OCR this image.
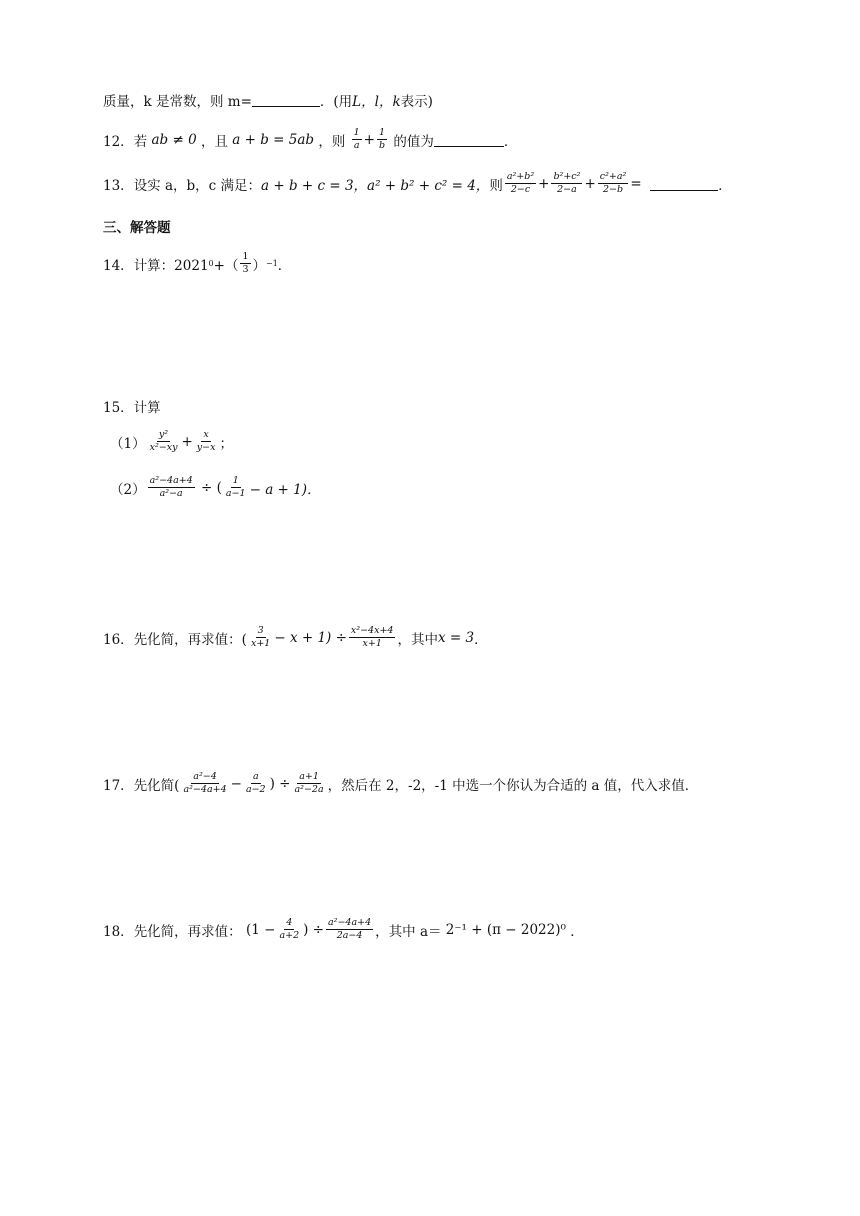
质量，k 是常数，则 m=	．(用 L，l，k 表示)
12． 若
ab ≠ 0
，且
a + b = 5ab
，则
$\frac{1}{a} + \frac{1}{b}$
的值为	．
13． 设实 a，b，c 满足： a + b + c = 3，a² + b² + c² = 4， 则 $\frac{\text{a²+b²}}{2-c} + \frac{\text{b²+c²}}{2-a} + \frac{\text{c²+a²}}{2-b}$ =
	．
三、解答题
14． 计算：2021 0 +（ $\frac{1}{3}$ ） −1 ．
15．计算
$(1) \frac{\text{y²}}{\text{x²−xy}} + \frac{x}{y-x}$ ；
$(2) \frac{\text{a²−4a+4}}{\text{a²−a}}$
÷ ( $\frac{1}{a-1} - a + 1$)．
16． 先化简，再求值：( $\frac{3}{x+1} - x + 1) \div \frac{\text{x²−4x+4}}{x+1}$ ，其中 x = 3 ．
17． 先化简( $\frac{\text{a²−4}}{\text{a²−4a+4}} - \frac{a}{a-2}$ ) ÷ $\frac{a+1}{\text{a²−2a}}$ ，然后在 2，-2，-1 中选一个你认为合适的 a 值，代入求值．
18． 先化简，再求值：
($1 - \frac{4}{a+2}$ ) ÷ $\frac{\text{a²−4a+4}}{2a-4}$ ，其中 a＝
2⁻¹ + (π − 2022)⁰
．
